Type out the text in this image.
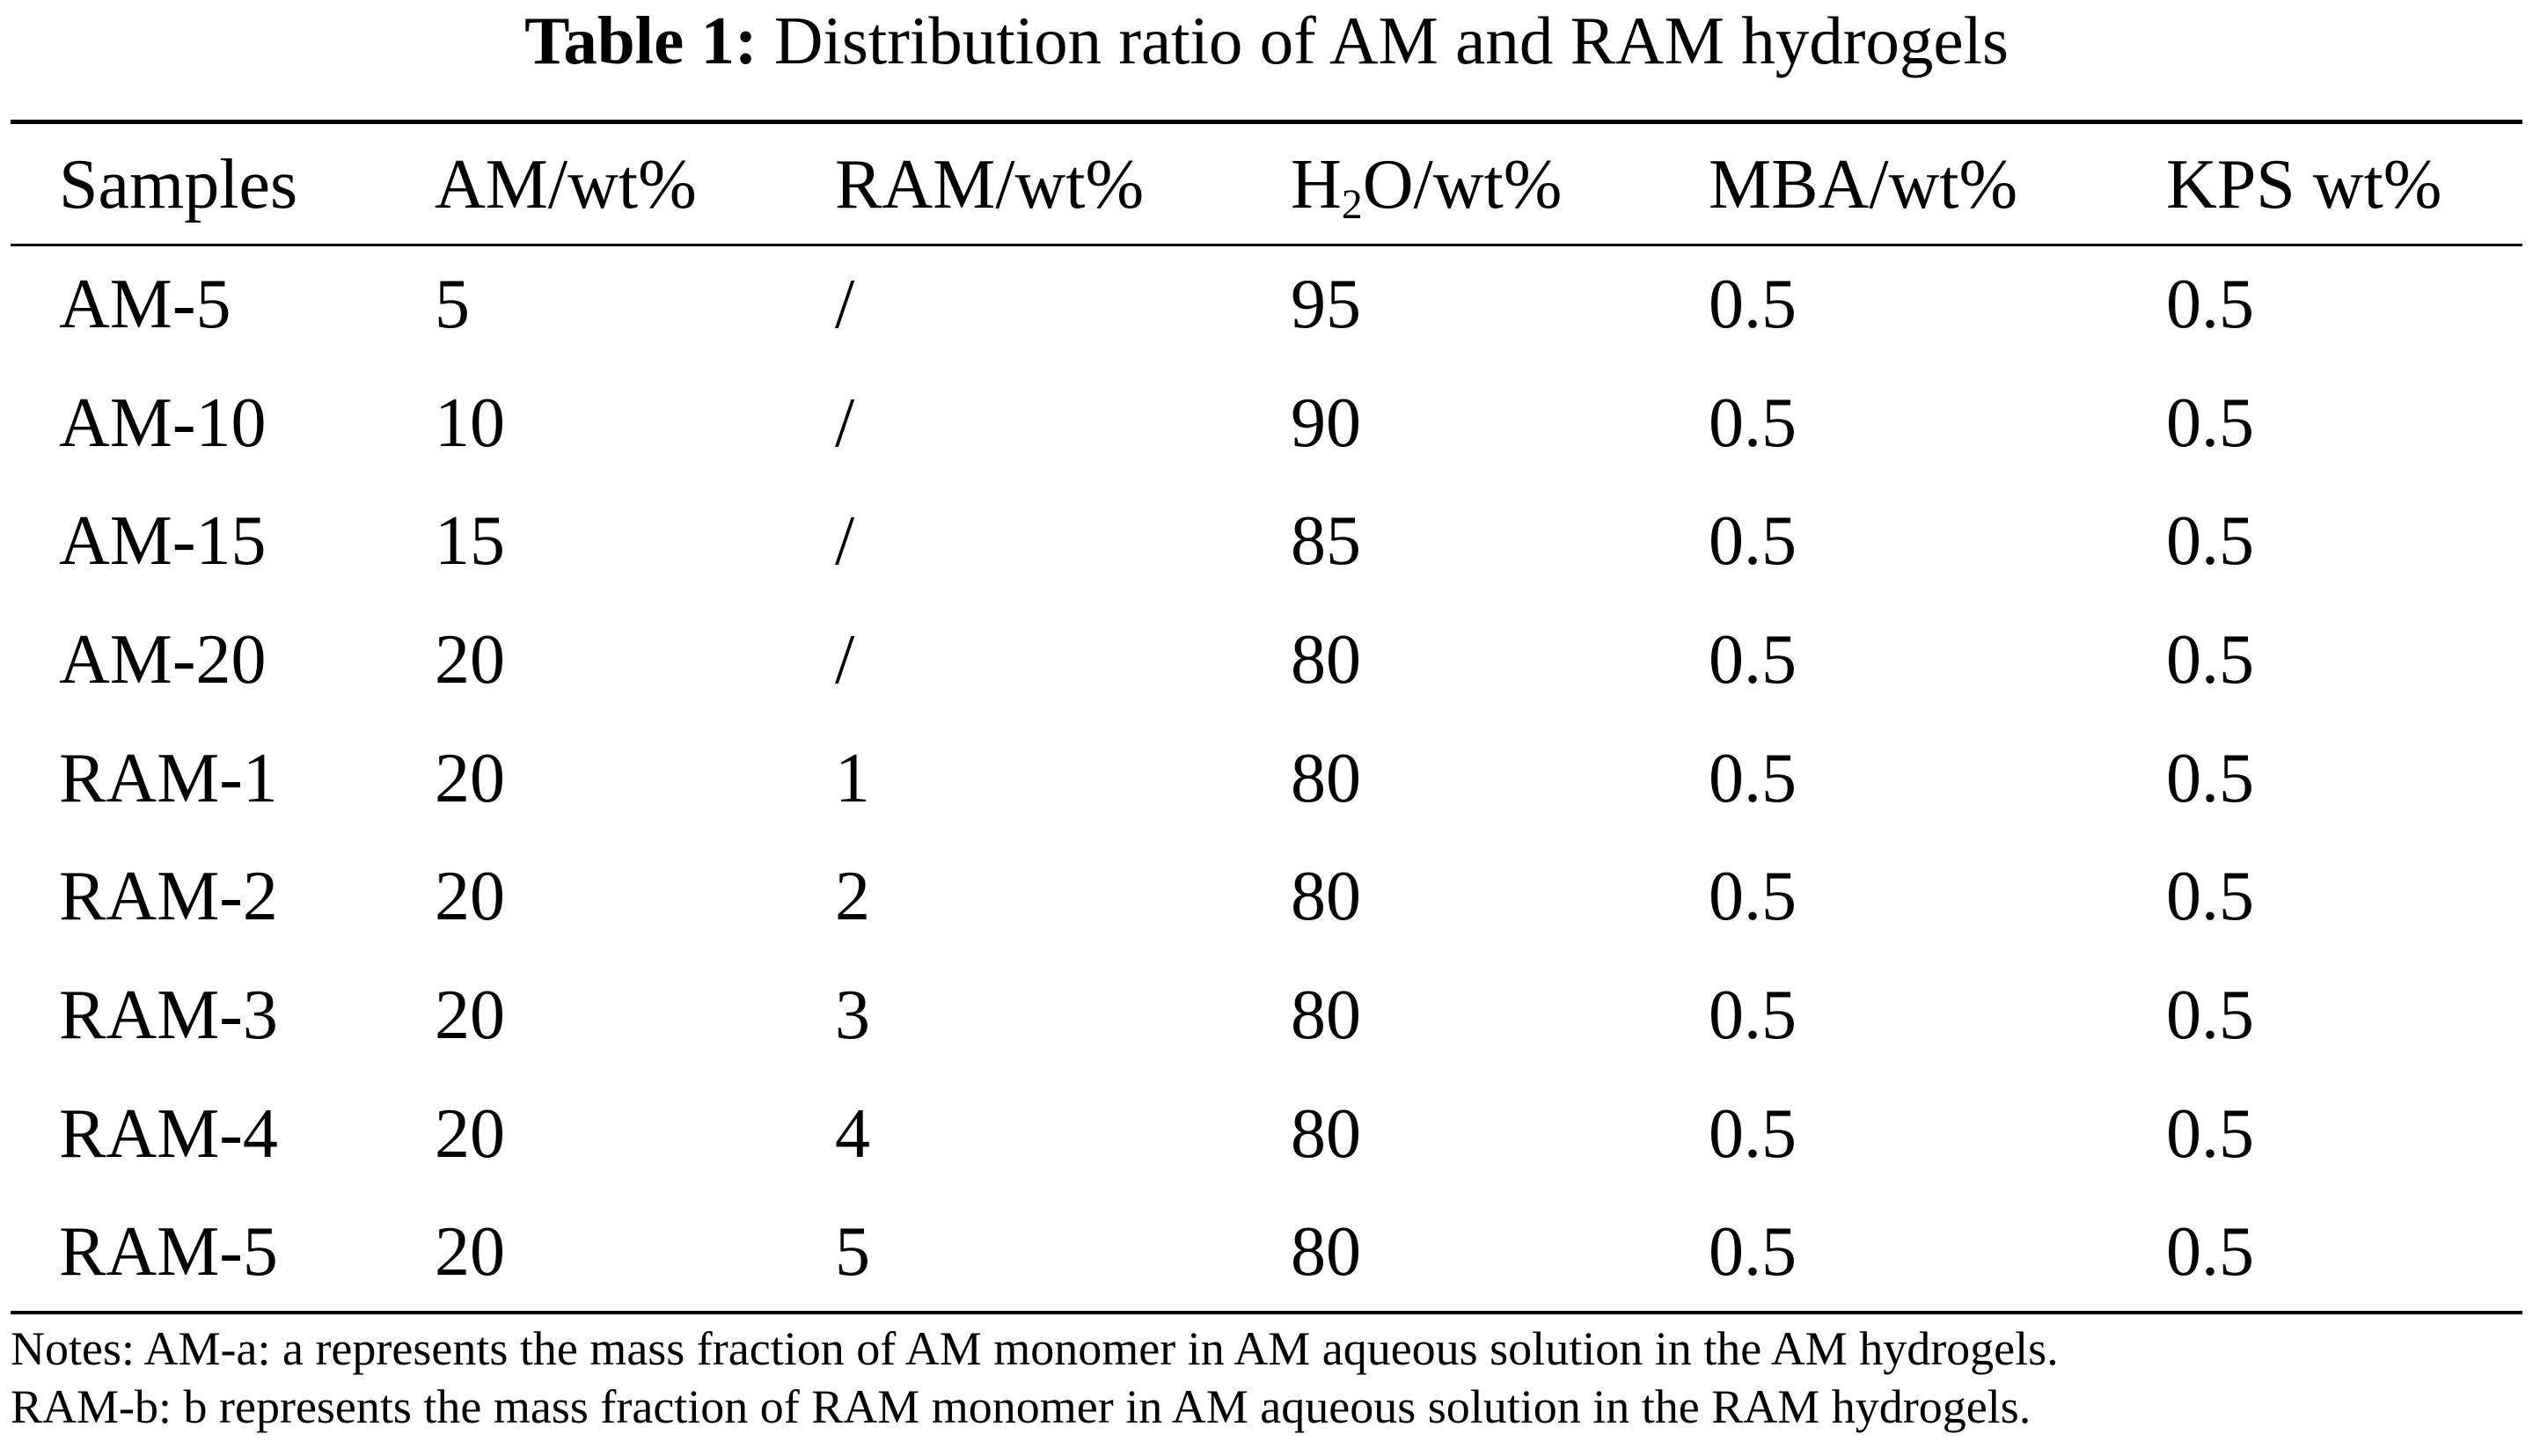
Table 1: Distribution ratio of AM and RAM hydrogels
Samples	AM/wt%	RAM/wt%	$H_2O/wt\%$	MBA/wt%	KPS wt%
AM-5	5	/	95	0.5	0.5
AM-10	10	/	90	0.5	0.5
AM-15	15	/	85	0.5	0.5
AM-20	20	/	80	0.5	0.5
RAM-1	20	1	80	0.5	0.5
RAM-2	20	2	80	0.5	0.5
RAM-3	20	3	80	0.5	0.5
RAM-4	20	4	80	0.5	0.5
RAM-5	20	5	80	0.5	0.5
Notes: AM-a: a represents the mass fraction of AM monomer in AM aqueous solution in the AM hydrogels.
RAM-b: b represents the mass fraction of RAM monomer in AM aqueous solution in the RAM hydrogels.
